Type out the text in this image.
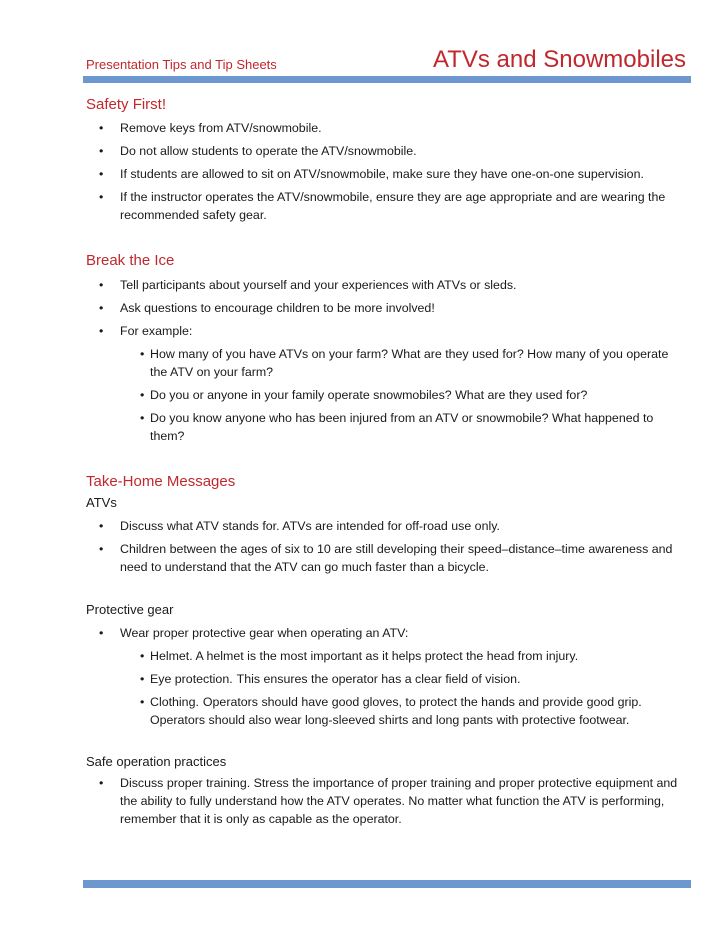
Presentation Tips and Tip Sheets	ATVs and Snowmobiles
Safety First!
• Remove keys from ATV/snowmobile.
• Do not allow students to operate the ATV/snowmobile.
• If students are allowed to sit on ATV/snowmobile, make sure they have one-on-one supervision.
• If the instructor operates the ATV/snowmobile, ensure they are age appropriate and are wearing the recommended safety gear.
Break the Ice
• Tell participants about yourself and your experiences with ATVs or sleds.
• Ask questions to encourage children to be more involved!
• For example:
• How many of you have ATVs on your farm? What are they used for? How many of you operate the ATV on your farm?
• Do you or anyone in your family operate snowmobiles? What are they used for?
• Do you know anyone who has been injured from an ATV or snowmobile? What happened to them?
Take-Home Messages
ATVs
• Discuss what ATV stands for. ATVs are intended for off-road use only.
• Children between the ages of six to 10 are still developing their speed–distance–time awareness and need to understand that the ATV can go much faster than a bicycle.
Protective gear
• Wear proper protective gear when operating an ATV:
• Helmet. A helmet is the most important as it helps protect the head from injury.
• Eye protection. This ensures the operator has a clear field of vision.
• Clothing. Operators should have good gloves, to protect the hands and provide good grip. Operators should also wear long-sleeved shirts and long pants with protective footwear.
Safe operation practices
• Discuss proper training. Stress the importance of proper training and proper protective equipment and the ability to fully understand how the ATV operates. No matter what function the ATV is performing, remember that it is only as capable as the operator.
